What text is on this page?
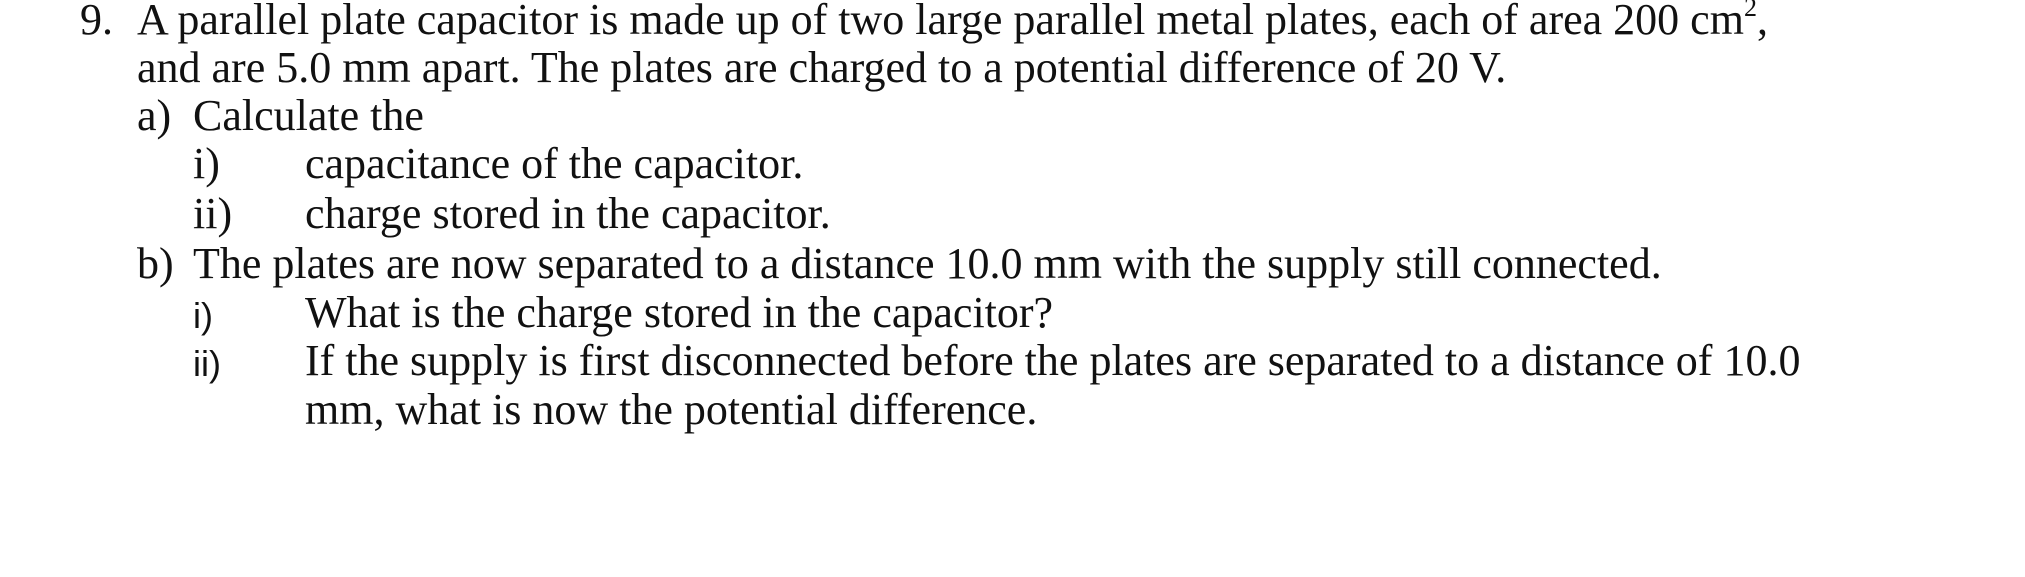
9. A parallel plate capacitor is made up of two large parallel metal plates, each of area 200 $cm^2$,
and are 5.0 mm apart. The plates are charged to a potential difference of 20 V.
a) Calculate the
i) capacitance of the capacitor.
ii) charge stored in the capacitor.
b) The plates are now separated to a distance 10.0 mm with the supply still connected.
i) What is the charge stored in the capacitor?
ii) If the supply is first disconnected before the plates are separated to a distance of 10.0
mm, what is now the potential difference.
